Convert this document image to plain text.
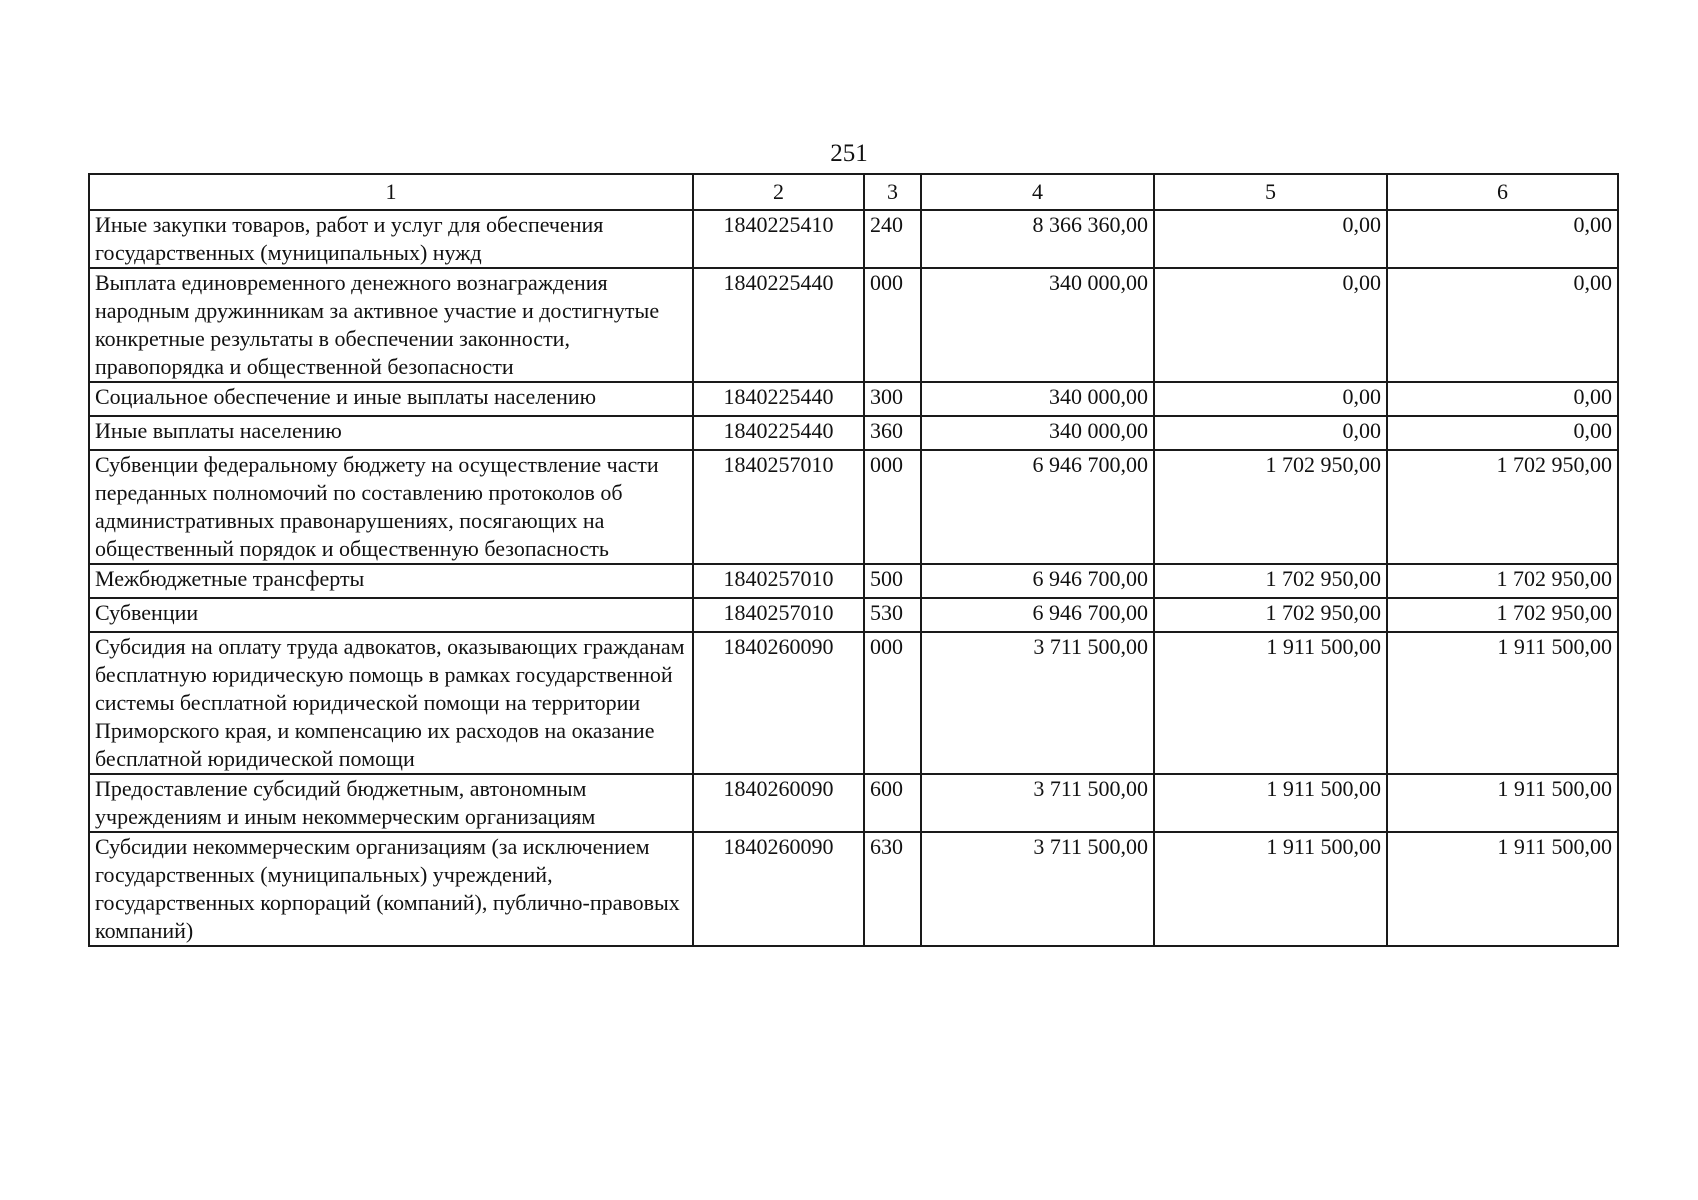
251
1	2	3	4	5	6
Иные закупки товаров, работ и услуг для обеспечения государственных (муниципальных) нужд	1840225410	240	8 366 360,00	0,00	0,00
Выплата единовременного денежного вознаграждения народным дружинникам за активное участие и достигнутые конкретные результаты в обеспечении законности, правопорядка и общественной безопасности	1840225440	000	340 000,00	0,00	0,00
Социальное обеспечение и иные выплаты населению	1840225440	300	340 000,00	0,00	0,00
Иные выплаты населению	1840225440	360	340 000,00	0,00	0,00
Субвенции федеральному бюджету на осуществление части переданных полномочий по составлению протоколов об административных правонарушениях, посягающих на общественный порядок и общественную безопасность	1840257010	000	6 946 700,00	1 702 950,00	1 702 950,00
Межбюджетные трансферты	1840257010	500	6 946 700,00	1 702 950,00	1 702 950,00
Субвенции	1840257010	530	6 946 700,00	1 702 950,00	1 702 950,00
Субсидия на оплату труда адвокатов, оказывающих гражданам бесплатную юридическую помощь в рамках государственной системы бесплатной юридической помощи на территории Приморского края, и компенсацию их расходов на оказание бесплатной юридической помощи	1840260090	000	3 711 500,00	1 911 500,00	1 911 500,00
Предоставление субсидий бюджетным, автономным учреждениям и иным некоммерческим организациям	1840260090	600	3 711 500,00	1 911 500,00	1 911 500,00
Субсидии некоммерческим организациям (за исключением государственных (муниципальных) учреждений, государственных корпораций (компаний), публично-правовых компаний)	1840260090	630	3 711 500,00	1 911 500,00	1 911 500,00
